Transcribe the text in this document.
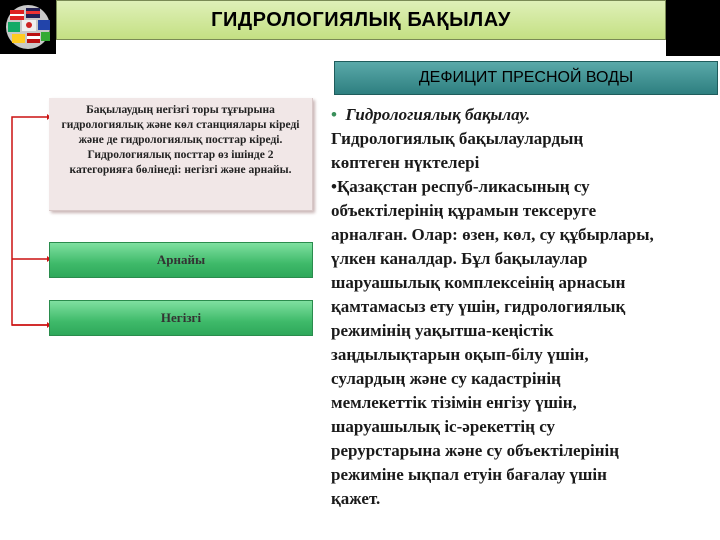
ГИДРОЛОГИЯЛЫҚ БАҚЫЛАУ
ДЕФИЦИТ ПРЕСНОЙ ВОДЫ
Бақылаудың негізгі торы тұғырына гидрологиялық және көл станциялары кіреді және де гидрологиялық посттар кіреді. Гидрологиялық посттар өз ішінде 2 категорияға бөлінеді: негізгі және арнайы.
Арнайы
Негізгі
• Гидрологиялық бақылау.
Гидрологиялық бақылаулардың
көптеген нүктелері
•Қазақстан респуб-ликасының су
объектілерінің құрамын тексеруге
арналған. Олар: өзен, көл, су құбырлары,
үлкен каналдар. Бұл бақылаулар
шаруашылық комплексеінің арнасын
қамтамасыз ету үшін, гидрологиялық
режимінің уақытша-кеңістік
заңдылықтарын оқып-білу үшін,
сулардың және су кадастрінің
мемлекеттік тізімін енгізу үшін,
шаруашылық іс-әрекеттің су
рерурстарына және су объектілерінің
режиміне ықпал етуін бағалау үшін
қажет.
